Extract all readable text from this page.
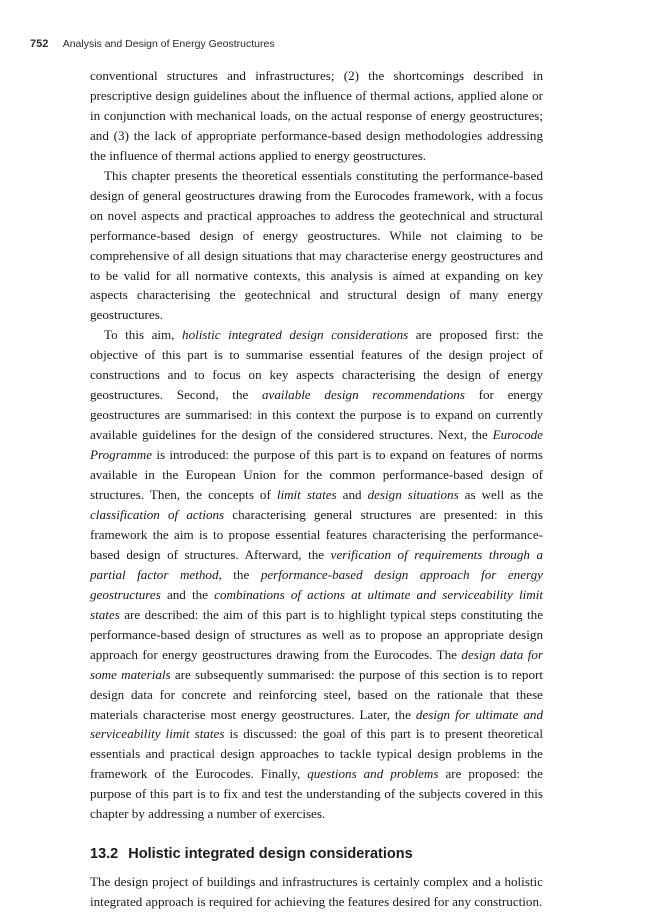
752 Analysis and Design of Energy Geostructures

conventional structures and infrastructures; (2) the shortcomings described in prescriptive design guidelines about the influence of thermal actions, applied alone or in conjunction with mechanical loads, on the actual response of energy geostructures; and (3) the lack of appropriate performance-based design methodologies addressing the influence of thermal actions applied to energy geostructures.

This chapter presents the theoretical essentials constituting the performance-based design of general geostructures drawing from the Eurocodes framework, with a focus on novel aspects and practical approaches to address the geotechnical and structural performance-based design of energy geostructures. While not claiming to be comprehensive of all design situations that may characterise energy geostructures and to be valid for all normative contexts, this analysis is aimed at expanding on key aspects characterising the geotechnical and structural design of many energy geostructures.

To this aim, holistic integrated design considerations are proposed first: the objective of this part is to summarise essential features of the design project of constructions and to focus on key aspects characterising the design of energy geostructures. Second, the available design recommendations for energy geostructures are summarised: in this context the purpose is to expand on currently available guidelines for the design of the considered structures. Next, the Eurocode Programme is introduced: the purpose of this part is to expand on features of norms available in the European Union for the common performance-based design of structures. Then, the concepts of limit states and design situations as well as the classification of actions characterising general structures are presented: in this framework the aim is to propose essential features characterising the performance-based design of structures. Afterward, the verification of requirements through a partial factor method, the performance-based design approach for energy geostructures and the combinations of actions at ultimate and serviceability limit states are described: the aim of this part is to highlight typical steps constituting the performance-based design of structures as well as to propose an appropriate design approach for energy geostructures drawing from the Eurocodes. The design data for some materials are subsequently summarised: the purpose of this section is to report design data for concrete and reinforcing steel, based on the rationale that these materials characterise most energy geostructures. Later, the design for ultimate and serviceability limit states is discussed: the goal of this part is to present theoretical essentials and practical design approaches to tackle typical design problems in the framework of the Eurocodes. Finally, questions and problems are proposed: the purpose of this part is to fix and test the understanding of the subjects covered in this chapter by addressing a number of exercises.

13.2 Holistic integrated design considerations

The design project of buildings and infrastructures is certainly complex and a holistic integrated approach is required for achieving the features desired for any construction.
